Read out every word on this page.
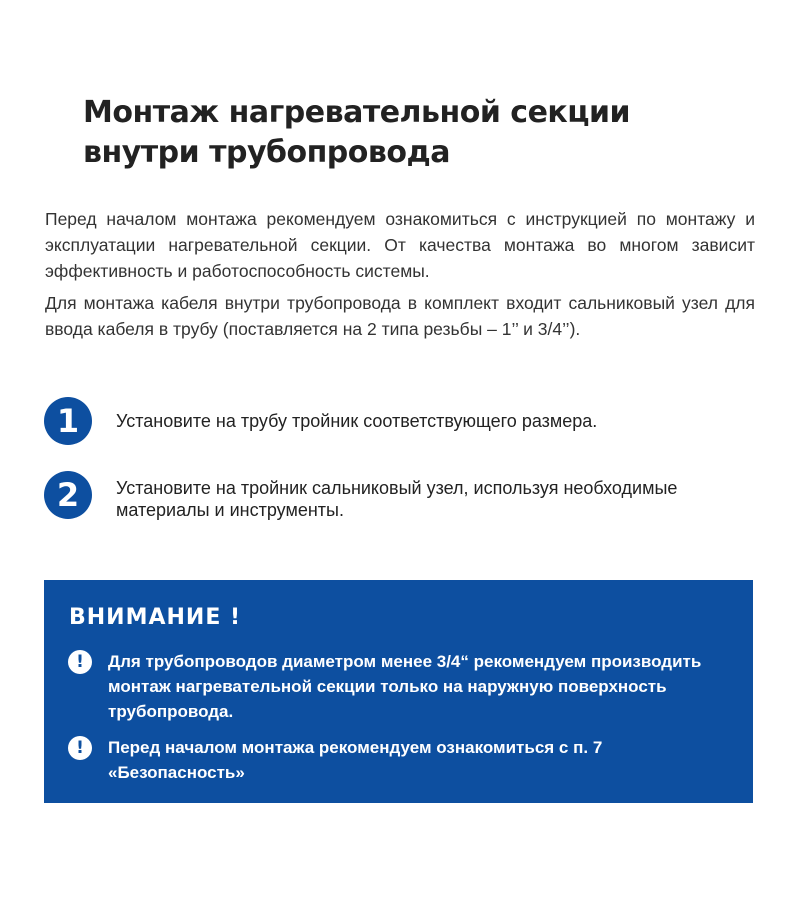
Монтаж нагревательной секции
внутри трубопровода

Перед началом монтажа рекомендуем ознакомиться с инструкцией по монтажу и эксплуатации нагревательной секции. От качества монтажа во многом зависит эффективность и работоспособность системы.

Для монтажа кабеля внутри трубопровода в комплект входит сальниковый узел для ввода кабеля в трубу (поставляется на 2 типа резьбы – 1’’ и 3/4’’).

1	Установите на трубу тройник соответствующего размера.
2	Установите на тройник сальниковый узел, используя необходимые материалы и инструменты.
ВНИМАНИЕ !
!	Для трубопроводов диаметром менее 3/4“ рекомендуем производить монтаж нагревательной секции только на наружную поверхность трубопровода.
!	Перед началом монтажа рекомендуем ознакомиться с п. 7 «Безопасность»
